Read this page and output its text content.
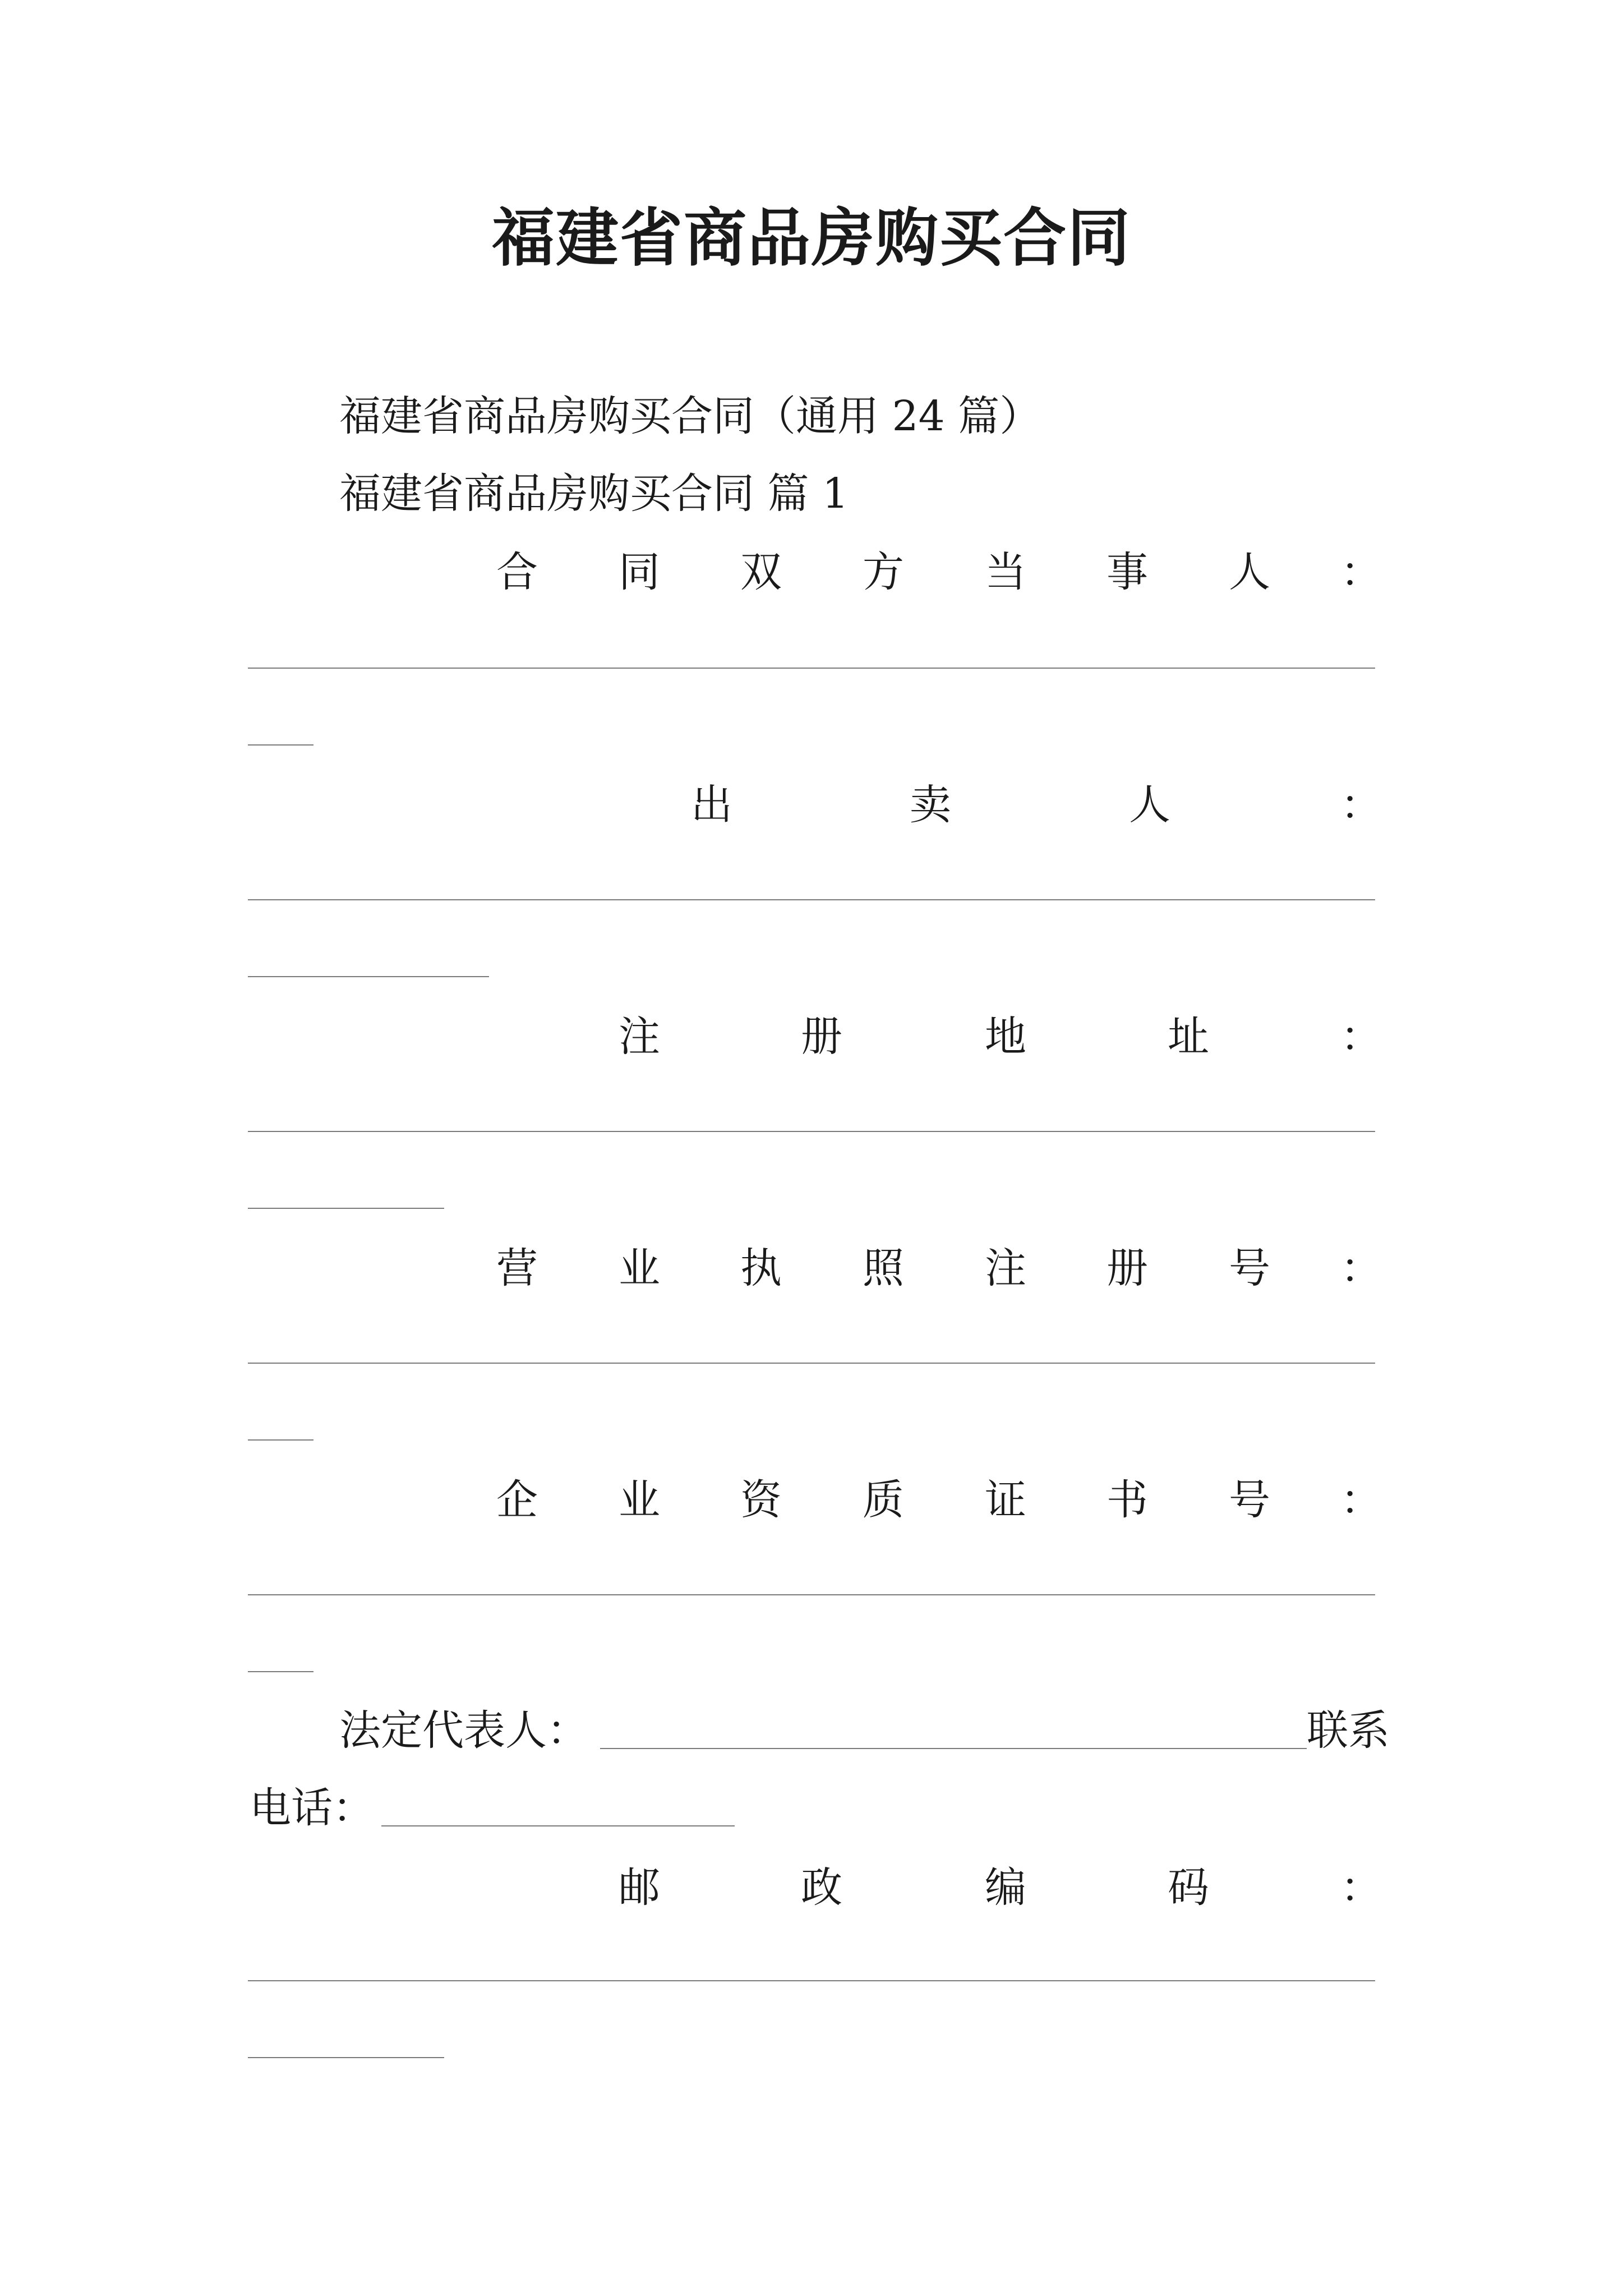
福建省商品房购买合同

福建省商品房购买合同（通用 24 篇）

福建省商品房购买合同 篇 1

合 同 双 方 当 事 人 ：
出	卖	人	：
注	册	地	址	：
营 业 执 照 注 册 号 ：
企 业 资 质 证 书 号 ：

法定代表人：	联系

电话：

邮	政	编	码	：
